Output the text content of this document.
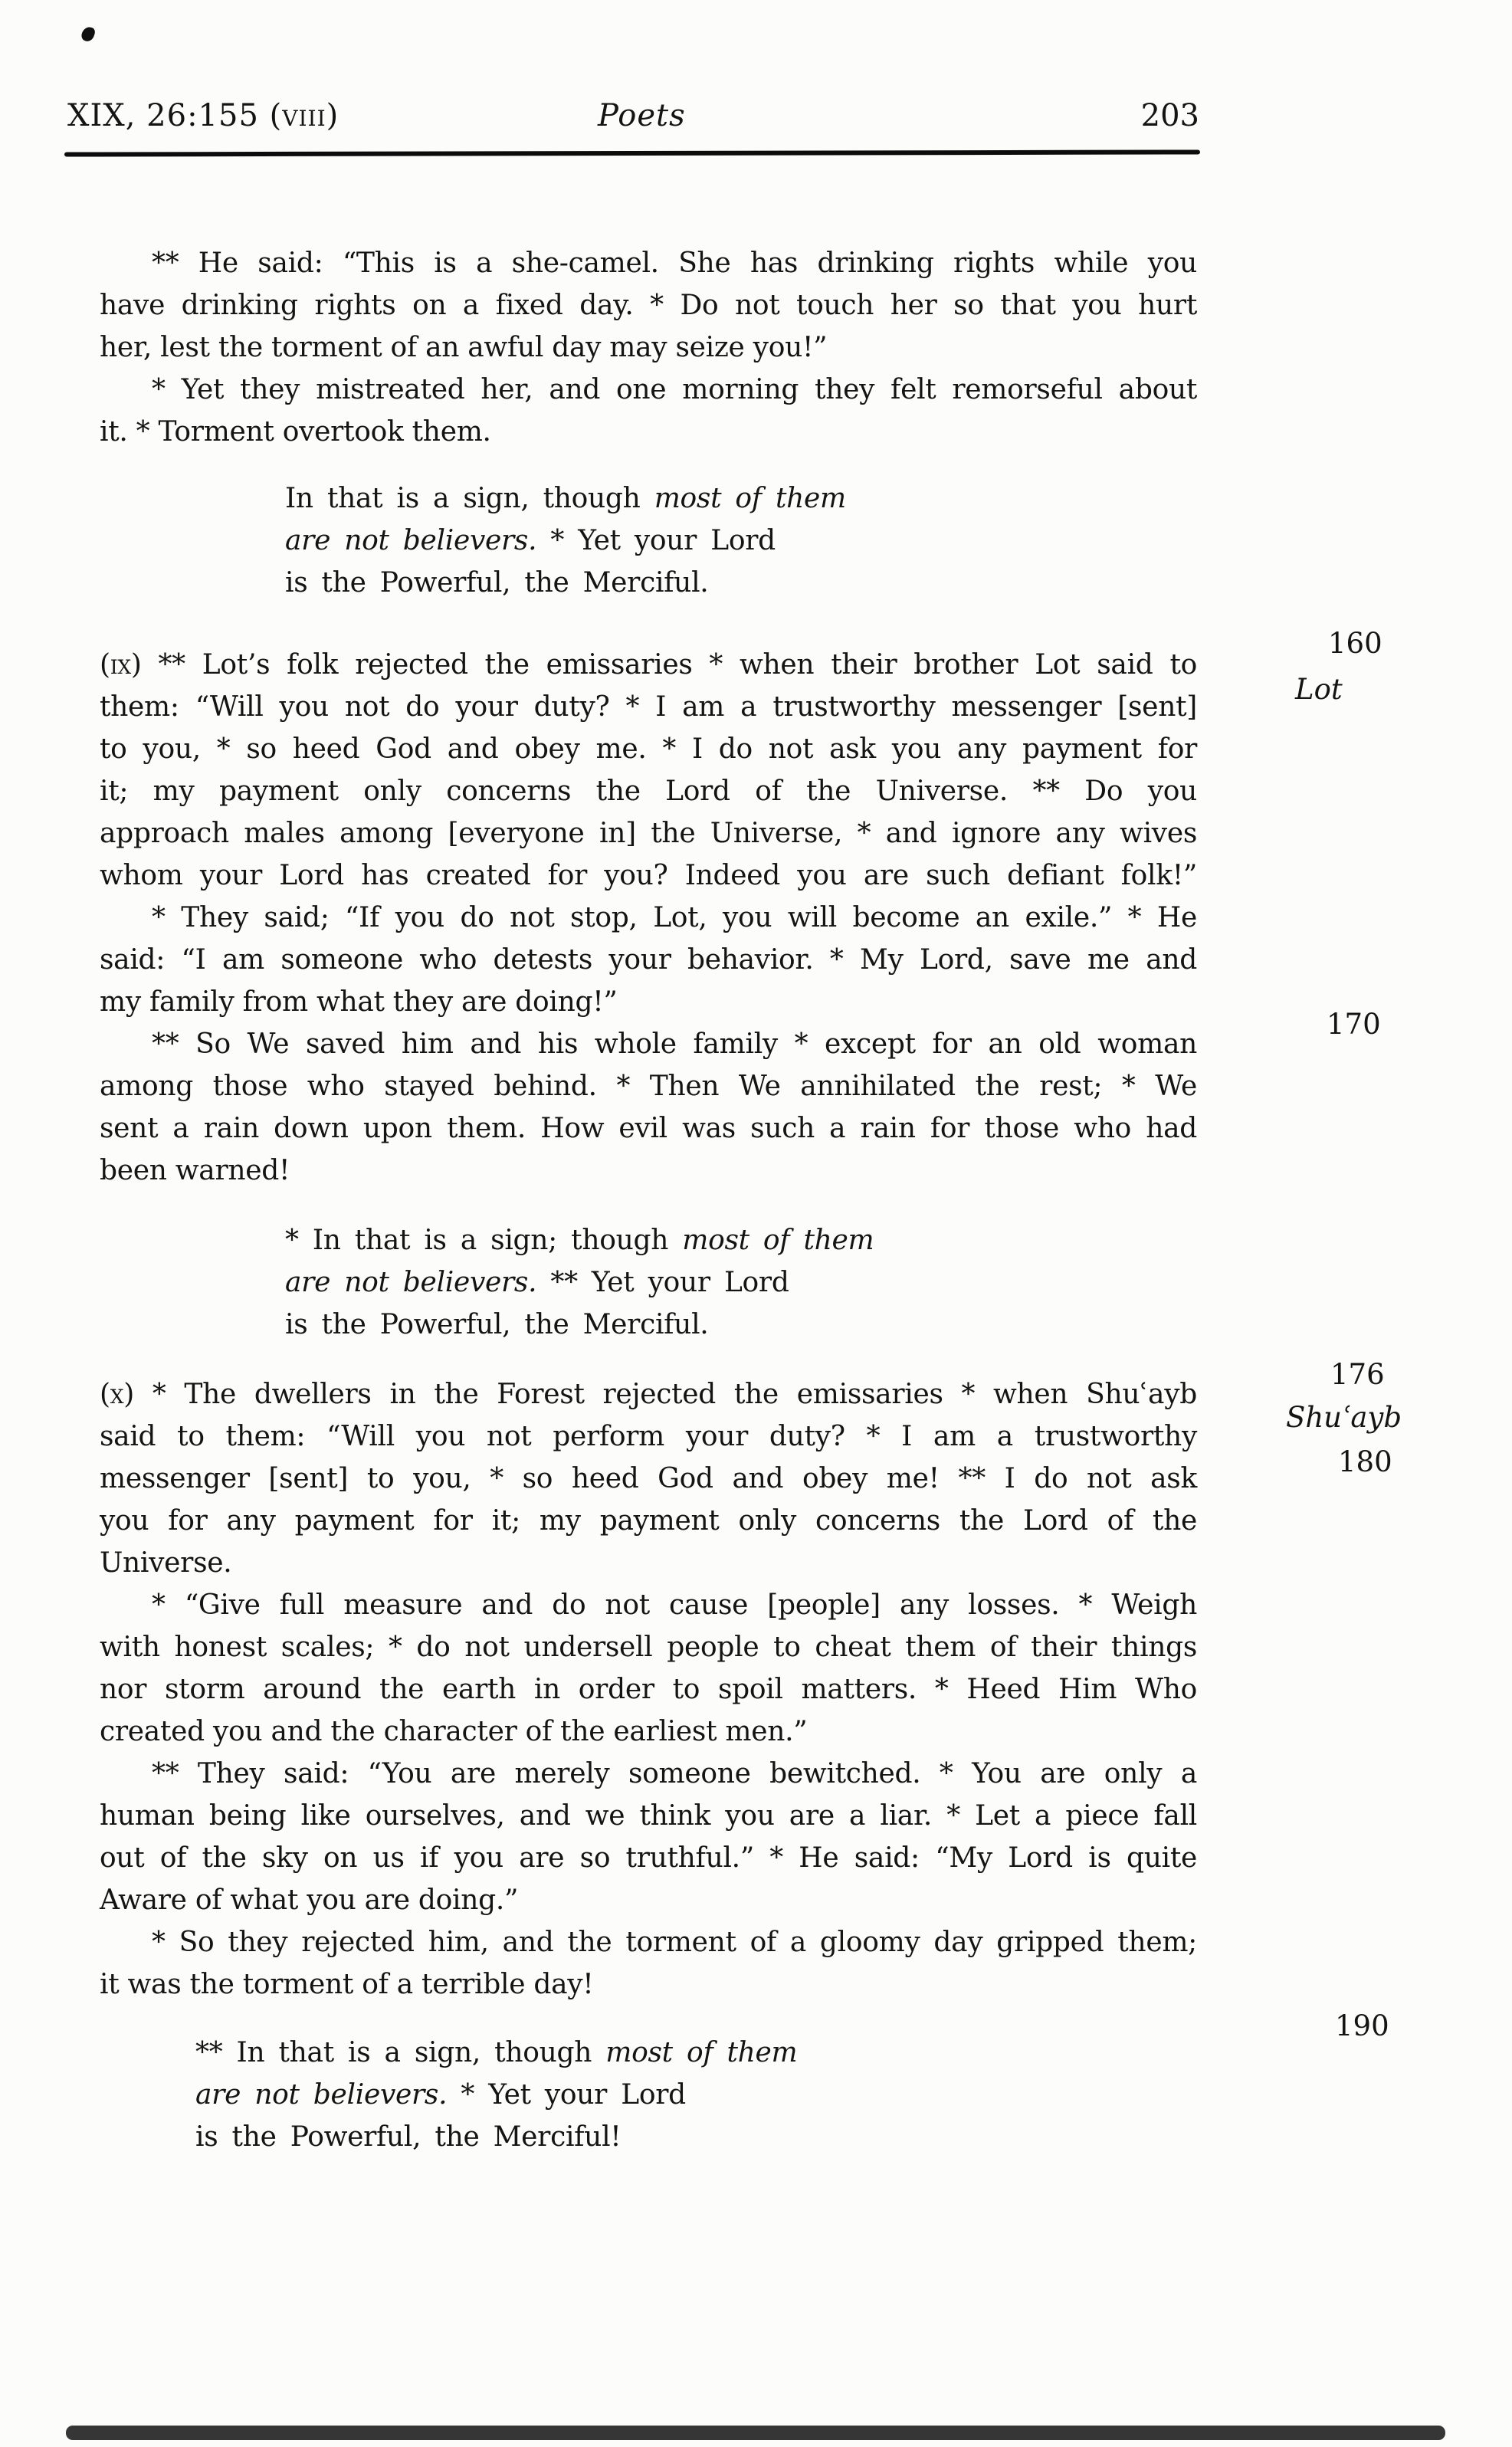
XIX, 26:155 (viii)	Poets	203
** He said: “This is a she-camel. She has drinking rights while you
have drinking rights on a fixed day. * Do not touch her so that you hurt
her, lest the torment of an awful day may seize you!”
* Yet they mistreated her, and one morning they felt remorseful about
it. * Torment overtook them.
In that is a sign, though most of them
are not believers. * Yet your Lord
is the Powerful, the Merciful.
(ix) ** Lot’s folk rejected the emissaries * when their brother Lot said to
them: “Will you not do your duty? * I am a trustworthy messenger [sent]
to you, * so heed God and obey me. * I do not ask you any payment for
it; my payment only concerns the Lord of the Universe. ** Do you
approach males among [everyone in] the Universe, * and ignore any wives
whom your Lord has created for you? Indeed you are such defiant folk!”
* They said; “If you do not stop, Lot, you will become an exile.” * He
said: “I am someone who detests your behavior. * My Lord, save me and
my family from what they are doing!”
** So We saved him and his whole family * except for an old woman
among those who stayed behind. * Then We annihilated the rest; * We
sent a rain down upon them. How evil was such a rain for those who had
been warned!
* In that is a sign; though most of them
are not believers. ** Yet your Lord
is the Powerful, the Merciful.
(x) * The dwellers in the Forest rejected the emissaries * when Shuʿayb
said to them: “Will you not perform your duty? * I am a trustworthy
messenger [sent] to you, * so heed God and obey me! ** I do not ask
you for any payment for it; my payment only concerns the Lord of the
Universe.
* “Give full measure and do not cause [people] any losses. * Weigh
with honest scales; * do not undersell people to cheat them of their things
nor storm around the earth in order to spoil matters. * Heed Him Who
created you and the character of the earliest men.”
** They said: “You are merely someone bewitched. * You are only a
human being like ourselves, and we think you are a liar. * Let a piece fall
out of the sky on us if you are so truthful.” * He said: “My Lord is quite
Aware of what you are doing.”
* So they rejected him, and the torment of a gloomy day gripped them;
it was the torment of a terrible day!
** In that is a sign, though most of them
are not believers. * Yet your Lord
is the Powerful, the Merciful!
160
Lot
170
176
Shuʿayb
180
190
